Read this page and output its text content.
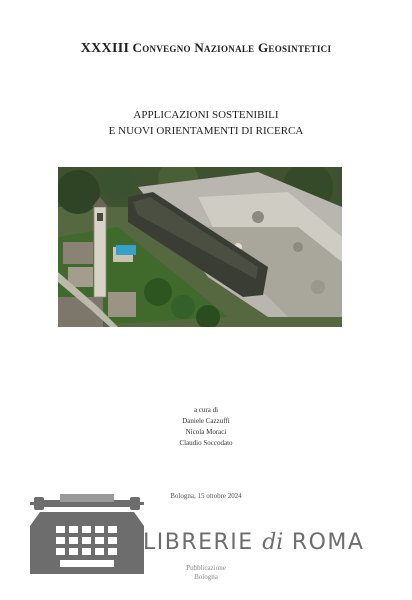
XXXIII Convegno Nazionale Geosintetici
APPLICAZIONI SOSTENIBILI
E NUOVI ORIENTAMENTI DI RICERCA
a cura di
Daniele Cazzuffi
Nicola Moraci
Claudio Soccodato
Bologna, 15 ottobre 2024
LIBRERIE di ROMA
Pubblicazione
Bologna
